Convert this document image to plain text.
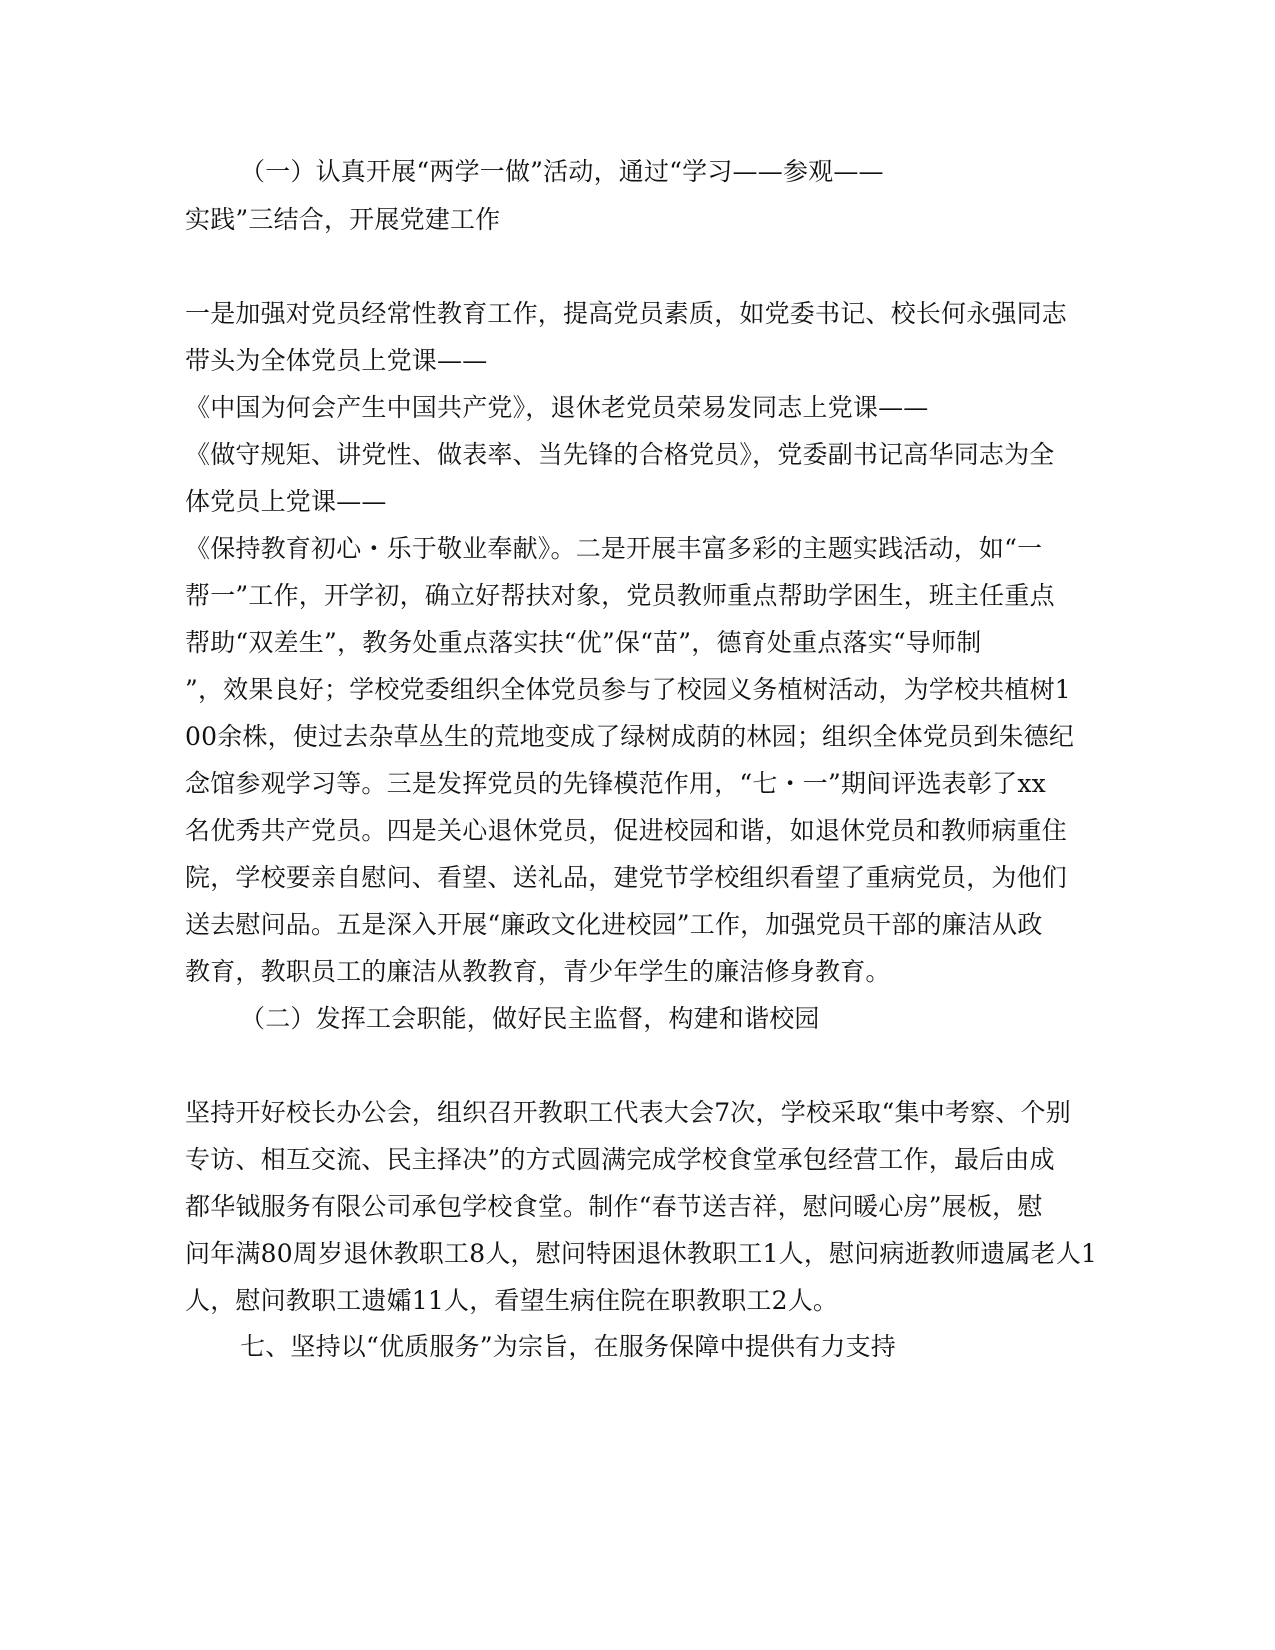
（一）认真开展“两学一做”活动，通过“学习——参观——
实践”三结合，开展党建工作
一是加强对党员经常性教育工作，提高党员素质，如党委书记、校长何永强同志
带头为全体党员上党课——
《中国为何会产生中国共产党》，退休老党员荣易发同志上党课——
《做守规矩、讲党性、做表率、当先锋的合格党员》，党委副书记高华同志为全
体党员上党课——
《保持教育初心・乐于敬业奉献》。二是开展丰富多彩的主题实践活动，如“一
帮一”工作，开学初，确立好帮扶对象，党员教师重点帮助学困生，班主任重点
帮助“双差生”，教务处重点落实扶“优”保“苗”，德育处重点落实“导师制
”，效果良好；学校党委组织全体党员参与了校园义务植树活动，为学校共植树1
00余株，使过去杂草丛生的荒地变成了绿树成荫的林园；组织全体党员到朱德纪
念馆参观学习等。三是发挥党员的先锋模范作用，“七・一”期间评选表彰了xx
名优秀共产党员。四是关心退休党员，促进校园和谐，如退休党员和教师病重住
院，学校要亲自慰问、看望、送礼品，建党节学校组织看望了重病党员，为他们
送去慰问品。五是深入开展“廉政文化进校园”工作，加强党员干部的廉洁从政
教育，教职员工的廉洁从教教育，青少年学生的廉洁修身教育。
（二）发挥工会职能，做好民主监督，构建和谐校园
坚持开好校长办公会，组织召开教职工代表大会7次，学校采取“集中考察、个别
专访、相互交流、民主择决”的方式圆满完成学校食堂承包经营工作，最后由成
都华钺服务有限公司承包学校食堂。制作“春节送吉祥，慰问暖心房”展板，慰
问年满80周岁退休教职工8人，慰问特困退休教职工1人，慰问病逝教师遗属老人1
人，慰问教职工遗孀11人，看望生病住院在职教职工2人。
七、坚持以“优质服务”为宗旨，在服务保障中提供有力支持
